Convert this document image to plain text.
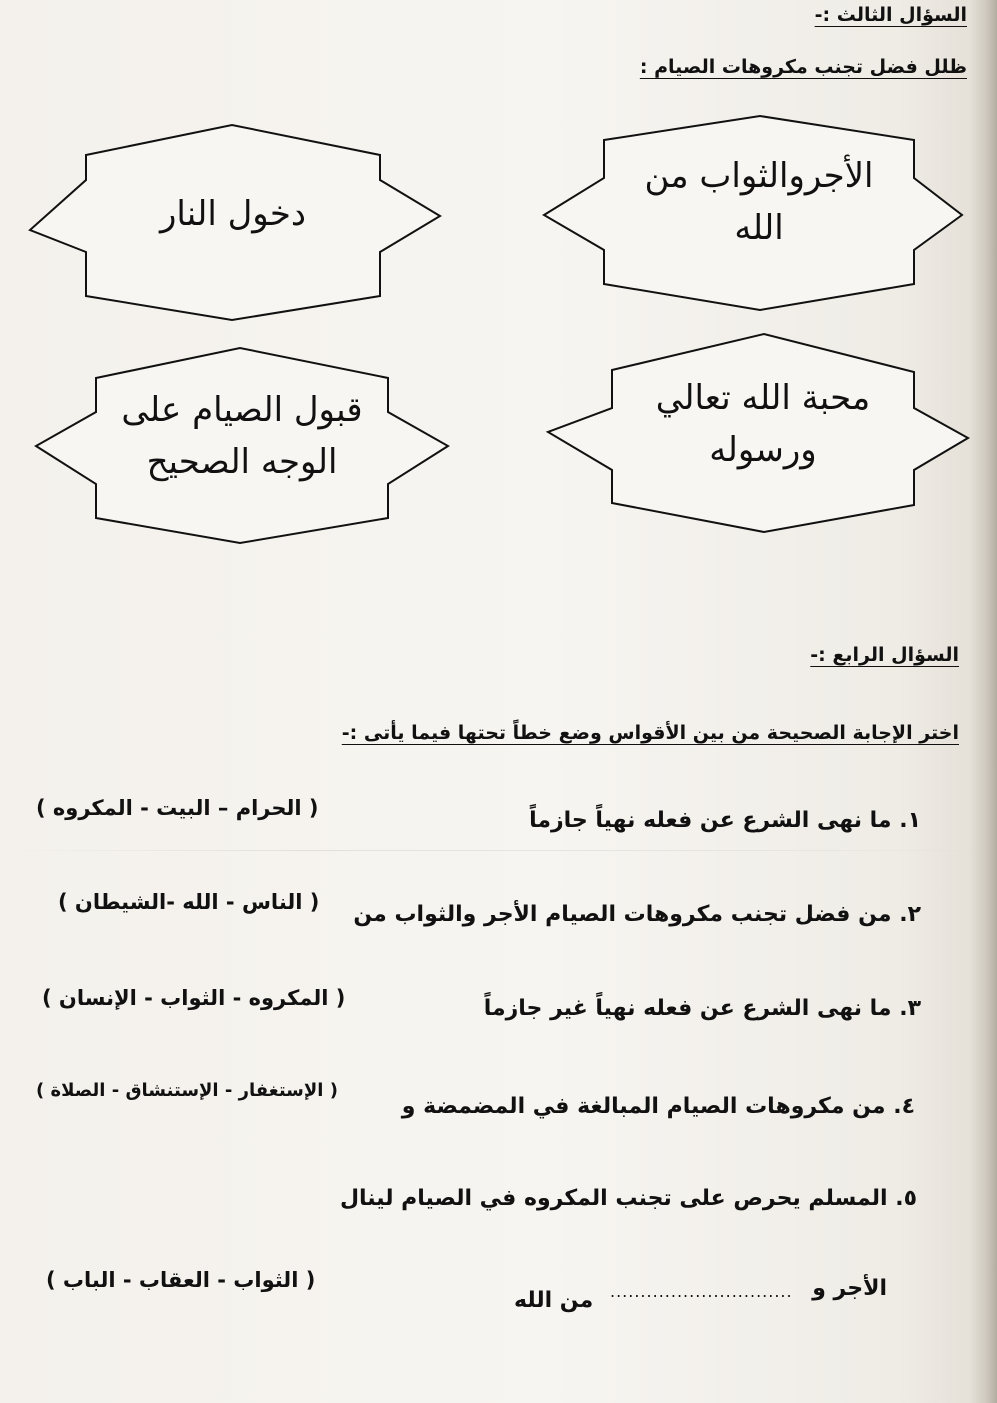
السؤال الثالث :-
ظلل فضل تجنب مكروهات الصيام :
الأجروالثواب من
الله
دخول النار
محبة الله تعالي
ورسوله
قبول الصيام على
الوجه الصحيح
السؤال الرابع :-
اختر الإجابة الصحيحة من بين الأقواس وضع خطاً تحتها فيما يأتى :-
١. ما نهى الشرع عن فعله نهياً جازماً
( الحرام – البيت - المكروه )
٢. من فضل تجنب مكروهات الصيام الأجر والثواب من
( الناس - الله -الشيطان )
٣. ما نهى الشرع عن فعله نهياً غير جازماً
( المكروه - الثواب - الإنسان )
٤. من مكروهات الصيام المبالغة في المضمضة و
( الإستغفار - الإستنشاق - الصلاة )
٥. المسلم يحرص على تجنب المكروه في الصيام لينال
الأجر و
..............................
من الله
( الثواب - العقاب - الباب )
